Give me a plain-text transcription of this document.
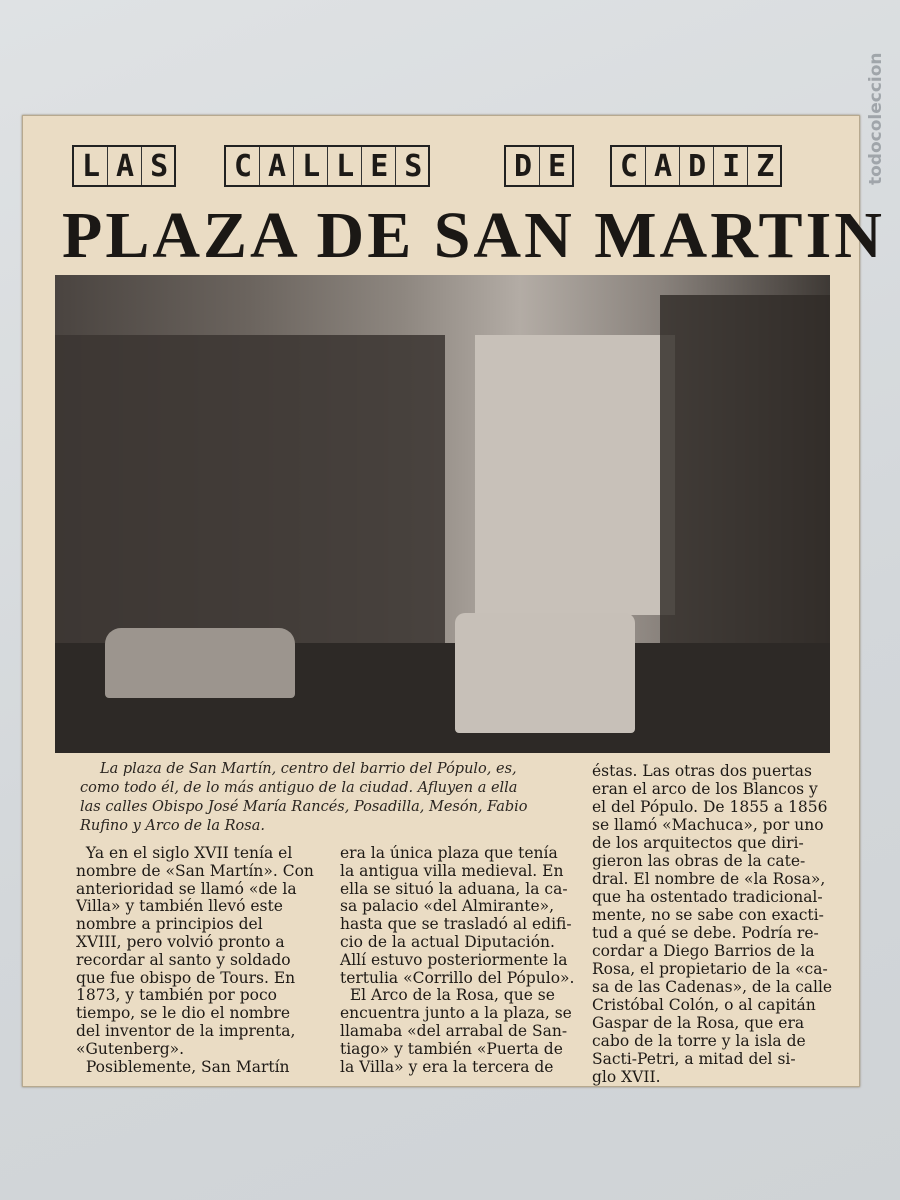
todocoleccion
LAS	CALLES	DE	CADIZ
PLAZA DE SAN MARTIN
La plaza de San Martín, centro del barrio del Pópulo, es,
como todo él, de lo más antiguo de la ciudad. Afluyen a ella
las calles Obispo José María Rancés, Posadilla, Mesón, Fabio
Rufino y Arco de la Rosa.
Ya en el siglo XVII tenía el
nombre de «San Martín». Con
anterioridad se llamó «de la
Villa» y también llevó este
nombre a principios del
XVIII, pero volvió pronto a
recordar al santo y soldado
que fue obispo de Tours. En
1873, y también por poco
tiempo, se le dio el nombre
del inventor de la imprenta,
«Gutenberg».
Posiblemente, San Martín
era la única plaza que tenía
la antigua villa medieval. En
ella se situó la aduana, la ca-
sa palacio «del Almirante»,
hasta que se trasladó al edifi-
cio de la actual Diputación.
Allí estuvo posteriormente la
tertulia «Corrillo del Pópulo».
El Arco de la Rosa, que se
encuentra junto a la plaza, se
llamaba «del arrabal de San-
tiago» y también «Puerta de
la Villa» y era la tercera de
éstas. Las otras dos puertas
eran el arco de los Blancos y
el del Pópulo. De 1855 a 1856
se llamó «Machuca», por uno
de los arquitectos que diri-
gieron las obras de la cate-
dral. El nombre de «la Rosa»,
que ha ostentado tradicional-
mente, no se sabe con exacti-
tud a qué se debe. Podría re-
cordar a Diego Barrios de la
Rosa, el propietario de la «ca-
sa de las Cadenas», de la calle
Cristóbal Colón, o al capitán
Gaspar de la Rosa, que era
cabo de la torre y la isla de
Sacti-Petri, a mitad del si-
glo XVII.
